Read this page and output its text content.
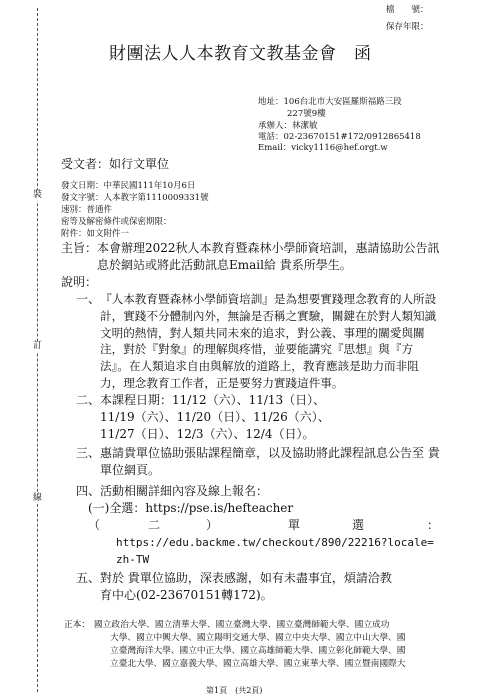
裝
訂
線
檔　　號：
保存年限：
財團法人人本教育文教基金會　函
地址：106台北市大安區羅斯福路三段
227號9樓
承辦人：林潔敏
電話：02-23670151#172/0912865418
Email：vicky1116@hef.orgt.w
受文者：如行文單位
發文日期：中華民國111年10月6日
發文字號：人本教字第1110009331號
速別：普通件
密等及解密條件或保密期限：
附件：如文附件一
主旨： 本會辦理2022秋人本教育暨森林小學師資培訓，惠請協助公告訊息於網站或將此活動訊息Email給 貴系所學生。
說明：
一、 『人本教育暨森林小學師資培訓』是為想要實踐理念教育的人所設計，實踐不分體制內外，無論是否稱之實驗，關鍵在於對人類知識文明的熱情，對人類共同未來的追求，對公義、事理的關愛與關注，對於『對象』的理解與疼惜，並要能講究『思想』與『方法』。在人類追求自由與解放的道路上，教育應該是助力而非阻力，理念教育工作者，正是要努力實踐這件事。
二、 本課程日期：11/12（六）、11/13（日）、
11/19（六）、11/20（日）、11/26（六）、
11/27（日）、12/3（六）、12/4（日）。
三、 惠請貴單位協助張貼課程簡章，以及協助將此課程訊息公告至 貴單位網頁。
四、 活動相關詳細內容及線上報名：
(一)全選：https://pse.is/hefteacher
（	二	）	單	選	：
https://edu.backme.tw/checkout/890/22216?locale=
zh-TW
五、 對於 貴單位協助，深表感謝，如有未盡事宜，煩請洽教
育中心(02-23670151轉172)。
正本： 國立政治大學、國立清華大學、國立臺灣大學、國立臺灣師範大學、國立成功
大學、國立中興大學、國立陽明交通大學、國立中央大學、國立中山大學、國
立臺灣海洋大學、國立中正大學、國立高雄師範大學、國立彰化師範大學、國
立臺北大學、國立嘉義大學、國立高雄大學、國立東華大學、國立暨南國際大
第1頁　(共2頁)
